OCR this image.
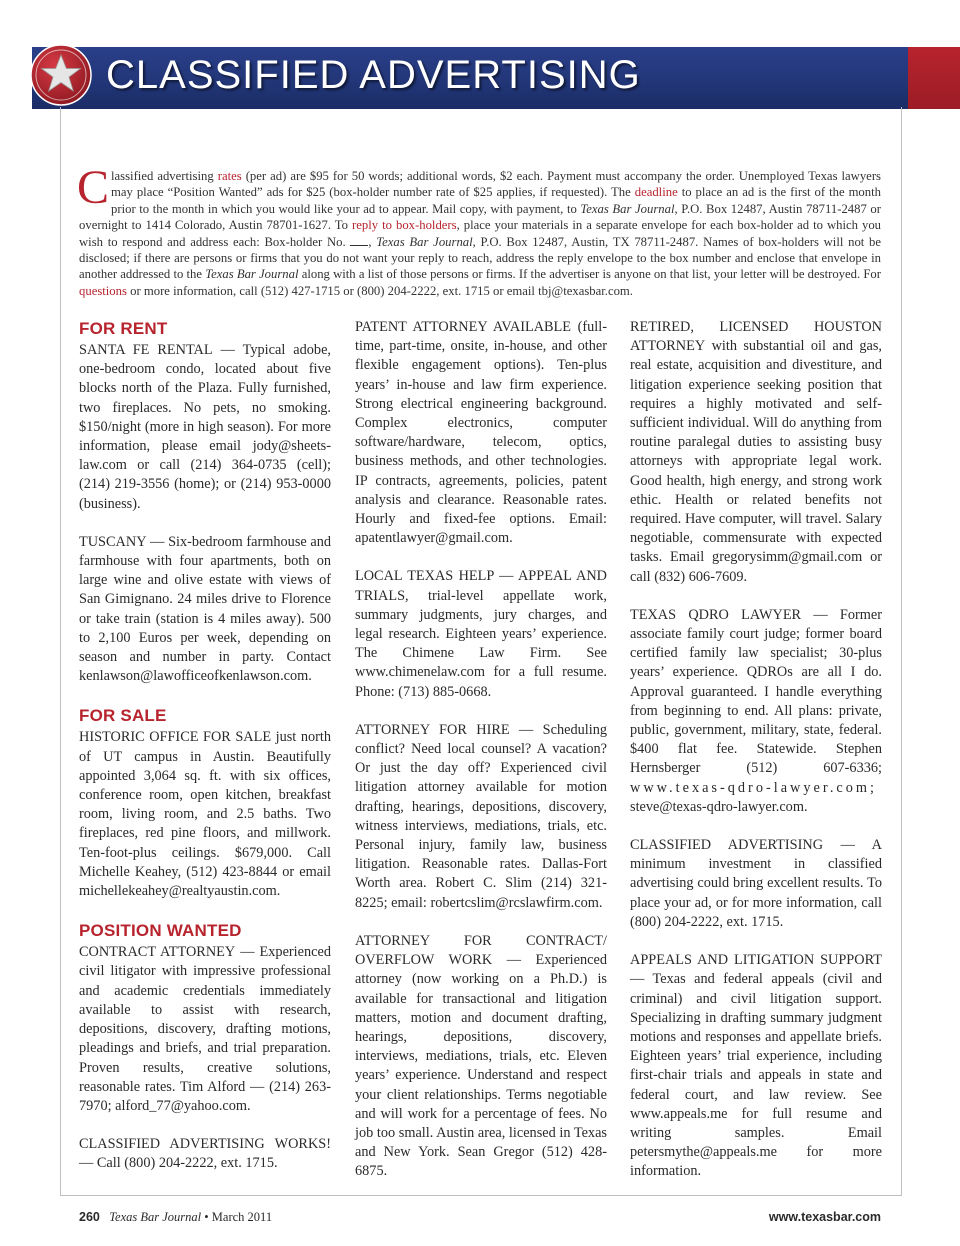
CLASSIFIED ADVERTISING
Classified advertising rates (per ad) are $95 for 50 words; additional words, $2 each. Payment must accompany the order. Unemployed Texas lawyers may place “Position Wanted” ads for $25 (box-holder number rate of $25 applies, if requested). The deadline to place an ad is the first of the month prior to the month in which you would like your ad to appear. Mail copy, with payment, to Texas Bar Journal, P.O. Box 12487, Austin 78711-2487 or overnight to 1414 Colorado, Austin 78701-1627. To reply to box-holders, place your materials in a separate envelope for each box-holder ad to which you wish to respond and address each: Box-holder No. , Texas Bar Journal, P.O. Box 12487, Austin, TX 78711-2487. Names of box-holders will not be disclosed; if there are persons or firms that you do not want your reply to reach, address the reply envelope to the box number and enclose that envelope in another addressed to the Texas Bar Journal along with a list of those persons or firms. If the advertiser is anyone on that list, your letter will be destroyed. For questions or more information, call (512) 427-1715 or (800) 204-2222, ext. 1715 or email tbj@texasbar.com.
FOR RENT

SANTA FE RENTAL — Typical adobe, one-bedroom condo, located about five blocks north of the Plaza. Fully furnished, two fireplaces. No pets, no smoking. $150/night (more in high season). For more information, please email jody@sheets-law.com or call (214) 364-0735 (cell); (214) 219-3556 (home); or (214) 953-0000 (business).

TUSCANY — Six-bedroom farmhouse and farmhouse with four apartments, both on large wine and olive estate with views of San Gimignano. 24 miles drive to Florence or take train (station is 4 miles away). 500 to 2,100 Euros per week, depending on season and number in party. Contact kenlawson@lawofficeofkenlawson.com.

FOR SALE

HISTORIC OFFICE FOR SALE just north of UT campus in Austin. Beautifully appointed 3,064 sq. ft. with six offices, conference room, open kitchen, breakfast room, living room, and 2.5 baths. Two fireplaces, red pine floors, and millwork. Ten-foot-plus ceilings. $679,000. Call Michelle Keahey, (512) 423-8844 or email michellekeahey@realtyaustin.com.

POSITION WANTED

CONTRACT ATTORNEY — Experienced civil litigator with impressive professional and academic credentials immediately available to assist with research, depositions, discovery, drafting motions, pleadings and briefs, and trial preparation. Proven results, creative solutions, reasonable rates. Tim Alford — (214) 263-7970; alford_77@yahoo.com.

CLASSIFIED ADVERTISING WORKS! — Call (800) 204-2222, ext. 1715.

PATENT ATTORNEY AVAILABLE (full-time, part-time, onsite, in-house, and other flexible engagement options). Ten-plus years’ in-house and law firm experience. Strong electrical engineering background. Complex electronics, computer software/hardware, telecom, optics, business methods, and other technologies. IP contracts, agreements, policies, patent analysis and clearance. Reasonable rates. Hourly and fixed-fee options. Email: apatentlawyer@gmail.com.

LOCAL TEXAS HELP — APPEAL AND TRIALS, trial-level appellate work, summary judgments, jury charges, and legal research. Eighteen years’ experience. The Chimene Law Firm. See www.chimenelaw.com for a full resume. Phone: (713) 885-0668.

ATTORNEY FOR HIRE — Scheduling conflict? Need local counsel? A vacation? Or just the day off? Experienced civil litigation attorney available for motion drafting, hearings, depositions, discovery, witness interviews, mediations, trials, etc. Personal injury, family law, business litigation. Reasonable rates. Dallas-Fort Worth area. Robert C. Slim (214) 321-8225; email: robertcslim@rcslawfirm.com.

ATTORNEY FOR CONTRACT/ OVERFLOW WORK — Experienced attorney (now working on a Ph.D.) is available for transactional and litigation matters, motion and document drafting, hearings, depositions, discovery, interviews, mediations, trials, etc. Eleven years’ experience. Understand and respect your client relationships. Terms negotiable and will work for a percentage of fees. No job too small. Austin area, licensed in Texas and New York. Sean Gregor (512) 428-6875.

RETIRED, LICENSED HOUSTON ATTORNEY with substantial oil and gas, real estate, acquisition and divestiture, and litigation experience seeking position that requires a highly motivated and self-sufficient individual. Will do anything from routine paralegal duties to assisting busy attorneys with appropriate legal work. Good health, high energy, and strong work ethic. Health or related benefits not required. Have computer, will travel. Salary negotiable, commensurate with expected tasks. Email gregorysimm@gmail.com or call (832) 606-7609.

TEXAS QDRO LAWYER — Former associate family court judge; former board certified family law specialist; 30-plus years’ experience. QDROs are all I do. Approval guaranteed. I handle everything from beginning to end. All plans: private, public, government, military, state, federal. $400 flat fee. Statewide. Stephen Hernsberger (512) 607-6336; www.texas-qdro-lawyer.com; steve@texas-qdro-lawyer.com.

CLASSIFIED ADVERTISING — A minimum investment in classified advertising could bring excellent results. To place your ad, or for more information, call (800) 204-2222, ext. 1715.

APPEALS AND LITIGATION SUPPORT — Texas and federal appeals (civil and criminal) and civil litigation support. Specializing in drafting summary judgment motions and responses and appellate briefs. Eighteen years’ trial experience, including first-chair trials and appeals in state and federal court, and law review. See www.appeals.me for full resume and writing samples. Email petersmythe@appeals.me for more information.

260 Texas Bar Journal • March 2011	www.texasbar.com
